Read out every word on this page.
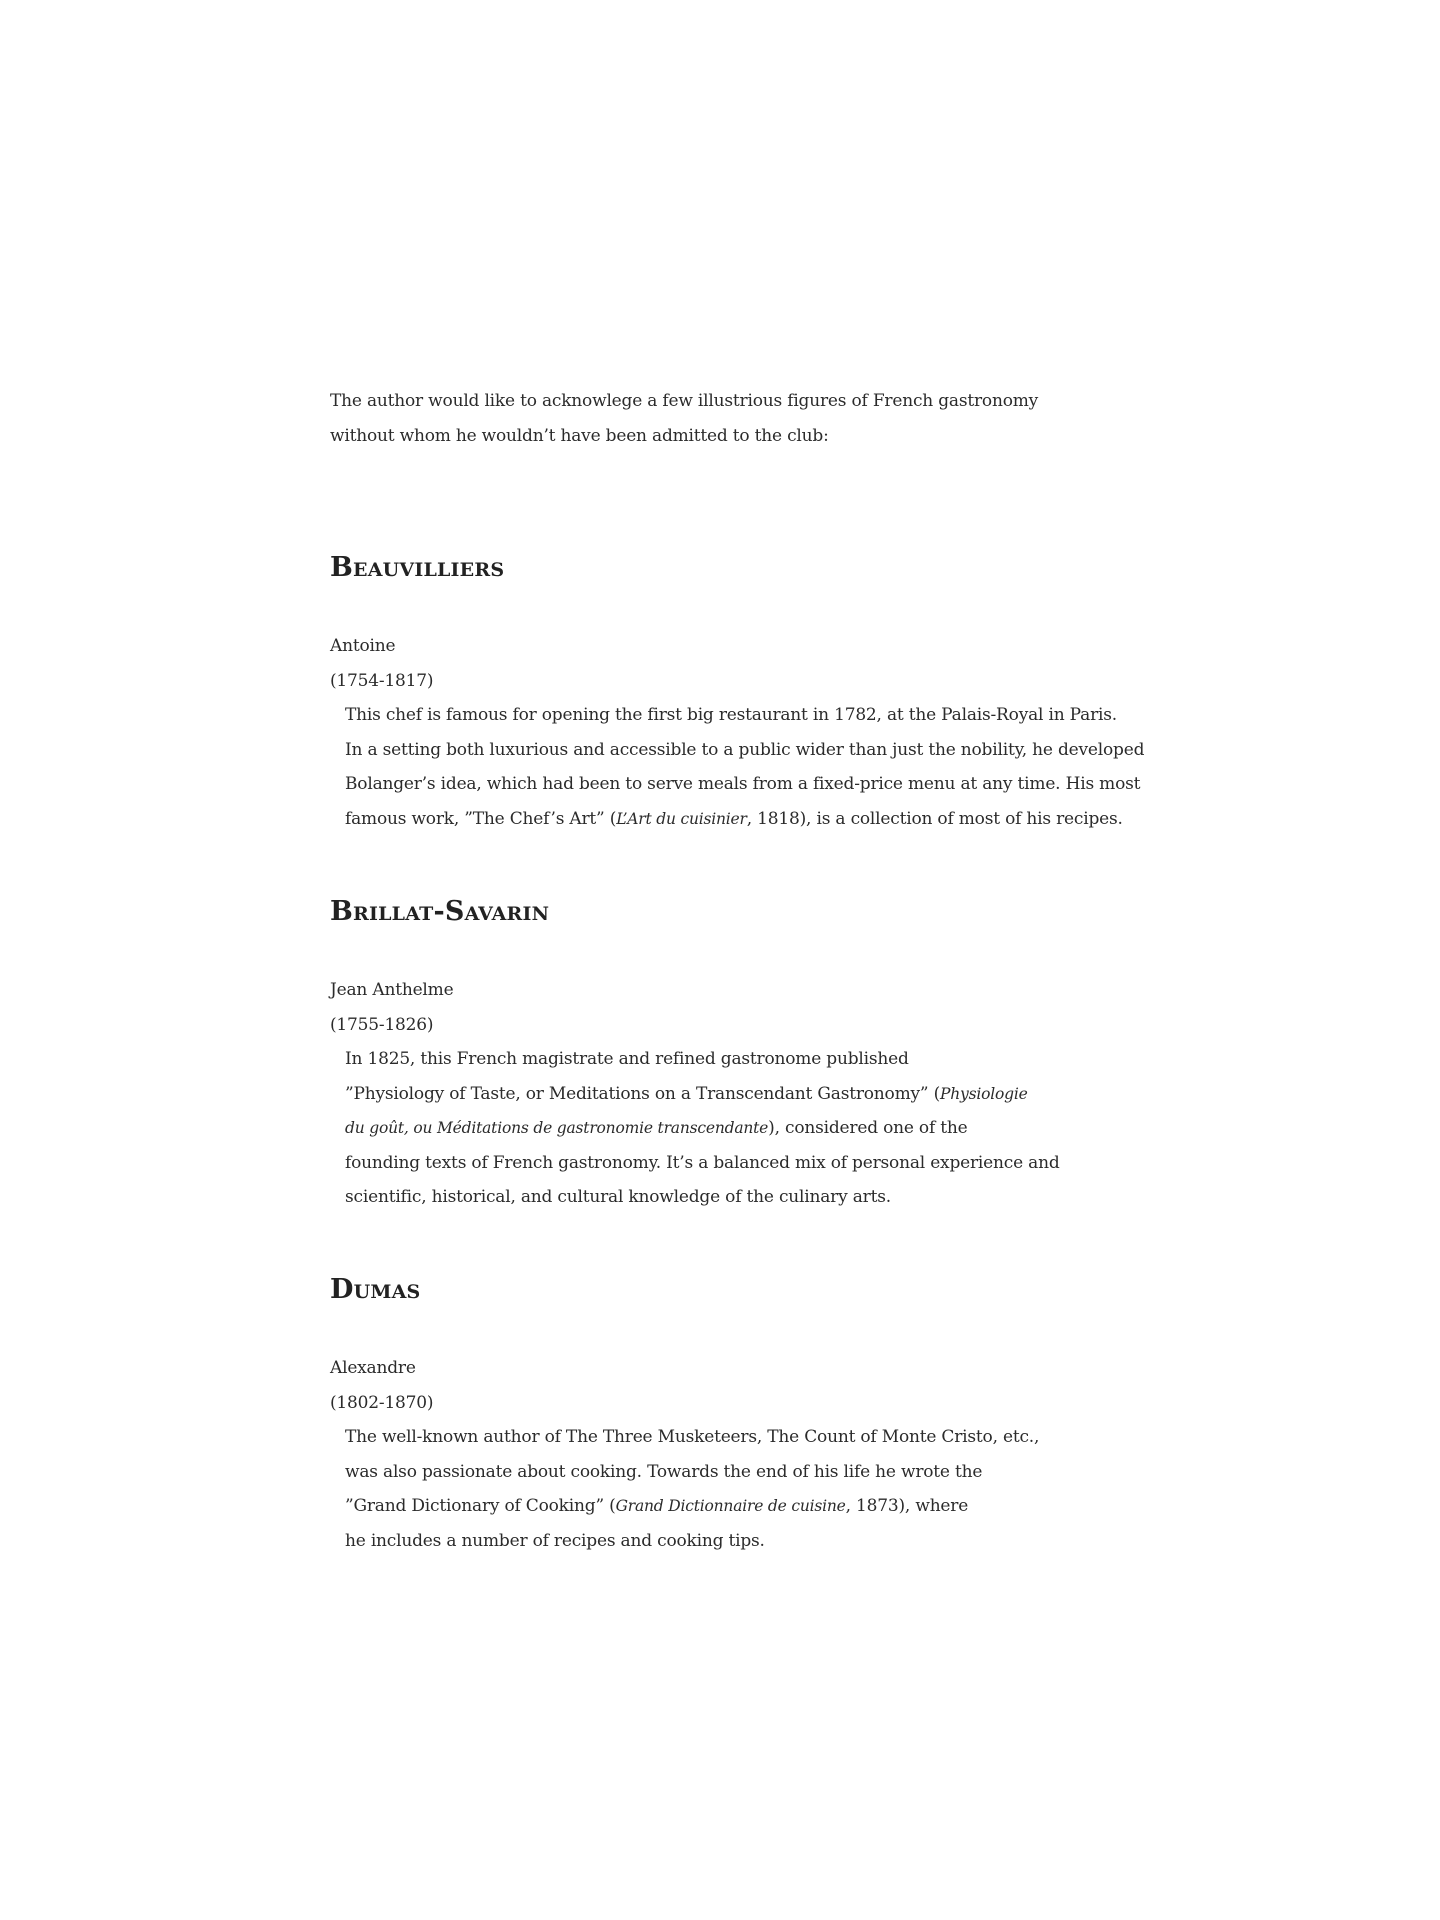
The author would like to acknowlege a few illustrious figures of French gastronomy
without whom he wouldn’t have been admitted to the club:
Beauvilliers
Antoine
(1754-1817)
This chef is famous for opening the first big restaurant in 1782, at the Palais-Royal in Paris.
In a setting both luxurious and accessible to a public wider than just the nobility, he developed
Bolanger’s idea, which had been to serve meals from a fixed-price menu at any time. His most
famous work, ”The Chef’s Art” (L’Art du cuisinier, 1818), is a collection of most of his recipes.
Brillat-Savarin
Jean Anthelme
(1755-1826)
In 1825, this French magistrate and refined gastronome published
”Physiology of Taste, or Meditations on a Transcendant Gastronomy” (Physiologie
du goût, ou Méditations de gastronomie transcendante), considered one of the
founding texts of French gastronomy. It’s a balanced mix of personal experience and
scientific, historical, and cultural knowledge of the culinary arts.
Dumas
Alexandre
(1802-1870)
The well-known author of The Three Musketeers, The Count of Monte Cristo, etc.,
was also passionate about cooking. Towards the end of his life he wrote the
”Grand Dictionary of Cooking” (Grand Dictionnaire de cuisine, 1873), where
he includes a number of recipes and cooking tips.
